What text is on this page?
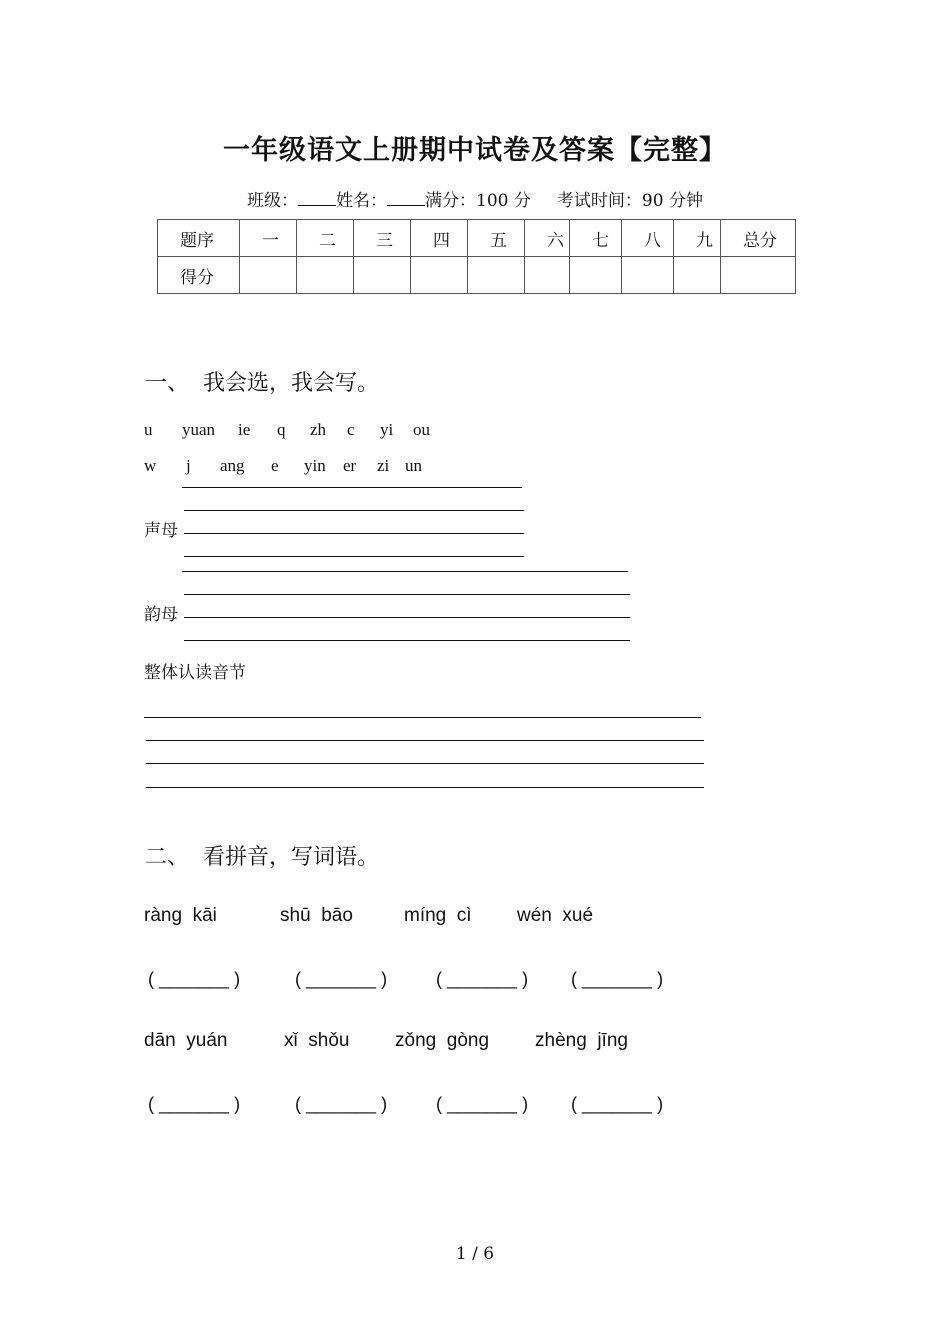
一年级语文上册期中试卷及答案【完整】
班级： 姓名： 满分：100 分 考试时间：90 分钟
题序	一	二	三	四	五	六	七	八	九	总分
得分										
一、  我会选，我会写。
u yuan ie q zh c yi ou
w j ang e yin er zi un
声母
韵母
整体认读音节
二、  看拼音，写词语。
ràng  kāi	shū  bāo	míng  cì wén  xué
( _______ )	( _______ )	( _______ ) ( _______ )
dān  yuán	xǐ  shǒu zǒng  gòng zhèng  jīng
( _______ )	( _______ )	( _______ ) ( _______ )
1 / 6
